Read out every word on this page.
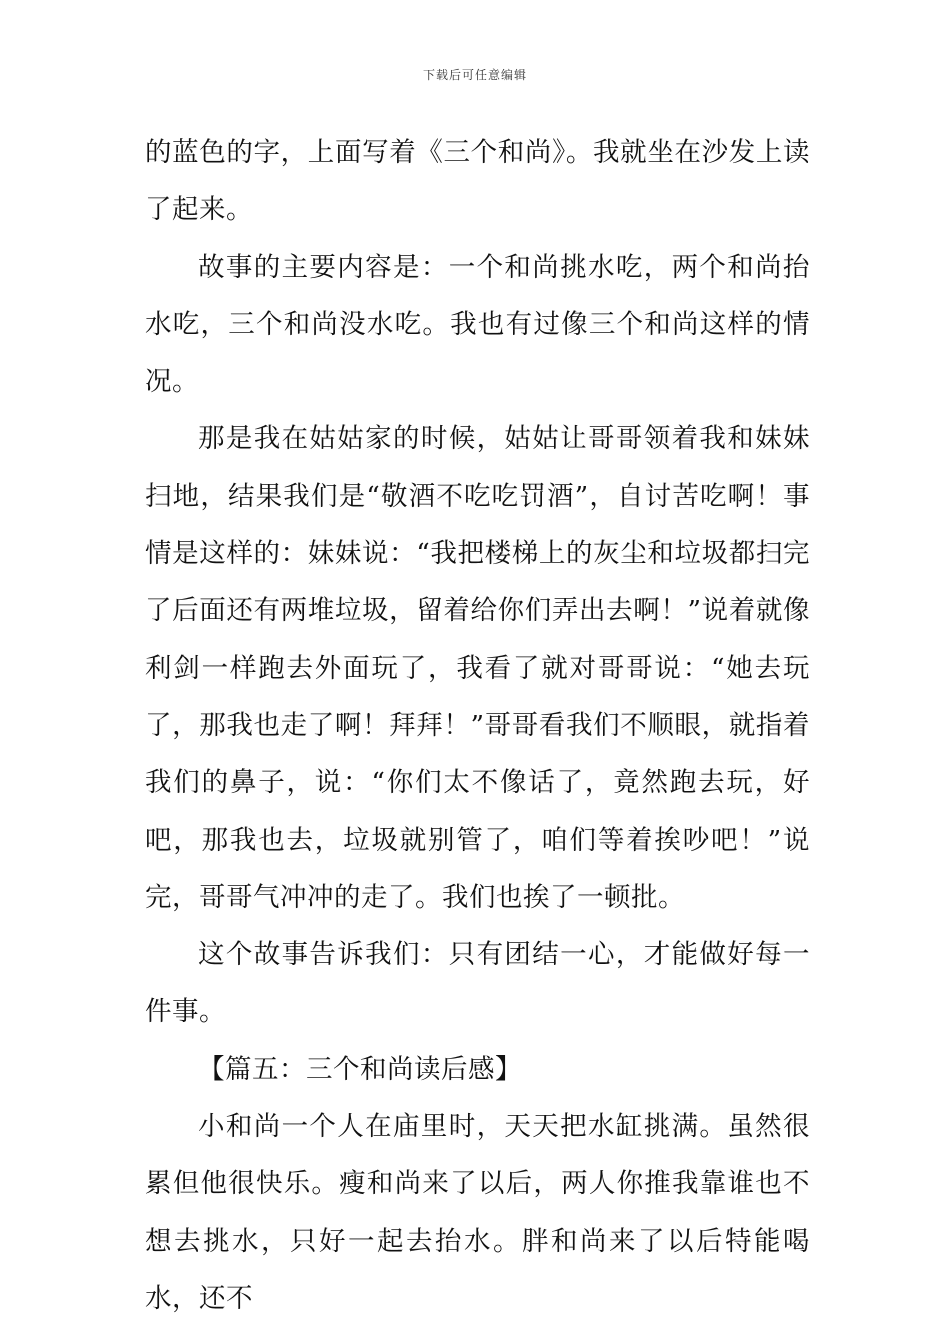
下载后可任意编辑

的蓝色的字，上面写着《三个和尚》。我就坐在沙发上读了起来。

故事的主要内容是：一个和尚挑水吃，两个和尚抬水吃，三个和尚没水吃。我也有过像三个和尚这样的情况。

那是我在姑姑家的时候，姑姑让哥哥领着我和妹妹扫地，结果我们是“敬酒不吃吃罚酒”，自讨苦吃啊！事情是这样的：妹妹说：“我把楼梯上的灰尘和垃圾都扫完了后面还有两堆垃圾，留着给你们弄出去啊！”说着就像利剑一样跑去外面玩了，我看了就对哥哥说：“她去玩了，那我也走了啊！拜拜！”哥哥看我们不顺眼，就指着我们的鼻子，说：“你们太不像话了，竟然跑去玩，好吧，那我也去，垃圾就别管了，咱们等着挨吵吧！”说完，哥哥气冲冲的走了。我们也挨了一顿批。

这个故事告诉我们：只有团结一心，才能做好每一件事。

【篇五：三个和尚读后感】

小和尚一个人在庙里时，天天把水缸挑满。虽然很累但他很快乐。瘦和尚来了以后，两人你推我靠谁也不想去挑水，只好一起去抬水。胖和尚来了以后特能喝水，还不
